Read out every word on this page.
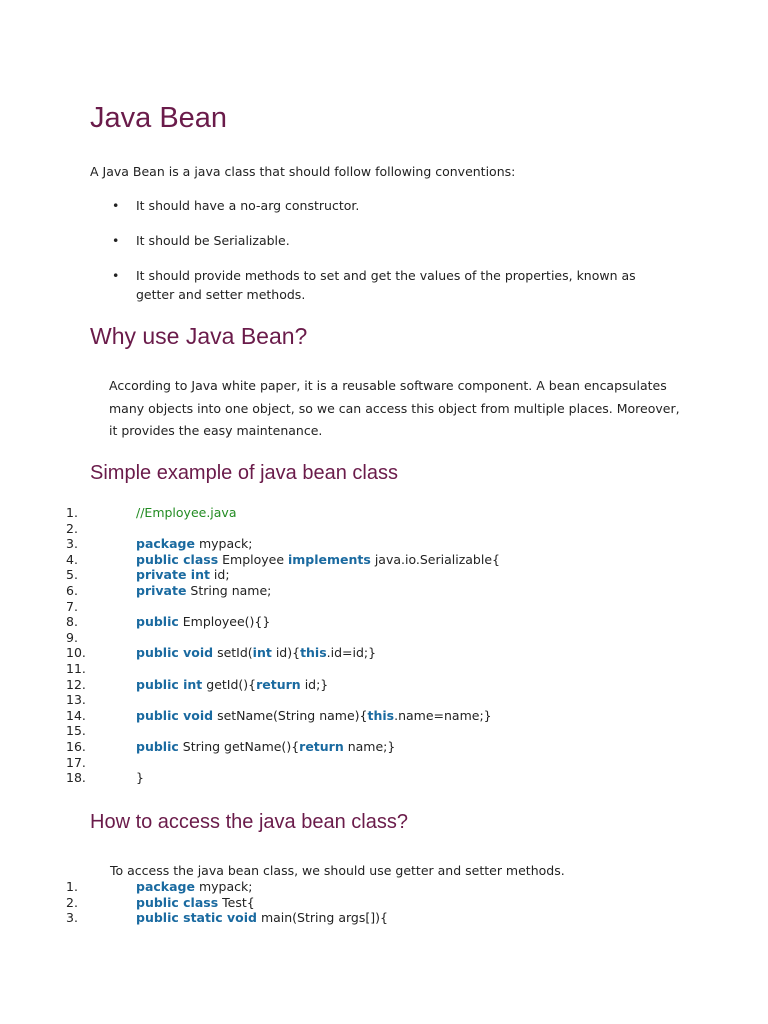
Java Bean

A Java Bean is a java class that should follow following conventions:

• It should have a no-arg constructor.
• It should be Serializable.
• It should provide methods to set and get the values of the properties, known as getter and setter methods.
Why use Java Bean?

According to Java white paper, it is a reusable software component. A bean encapsulates many objects into one object, so we can access this object from multiple places. Moreover, it provides the easy maintenance.

Simple example of java bean class
1.	//Employee.java
2.
3.	package mypack;
4.	public class Employee implements java.io.Serializable{
5.	private int id;
6.	private String name;
7.
8.	public Employee(){}
9.
10.	public void setId(int id){this.id=id;}
11.
12.	public int getId(){return id;}
13.
14.	public void setName(String name){this.name=name;}
15.
16.	public String getName(){return name;}
17.
18.	}
How to access the java bean class?

To access the java bean class, we should use getter and setter methods.

1.	package mypack;
2.	public class Test{
3.	public static void main(String args[]){
